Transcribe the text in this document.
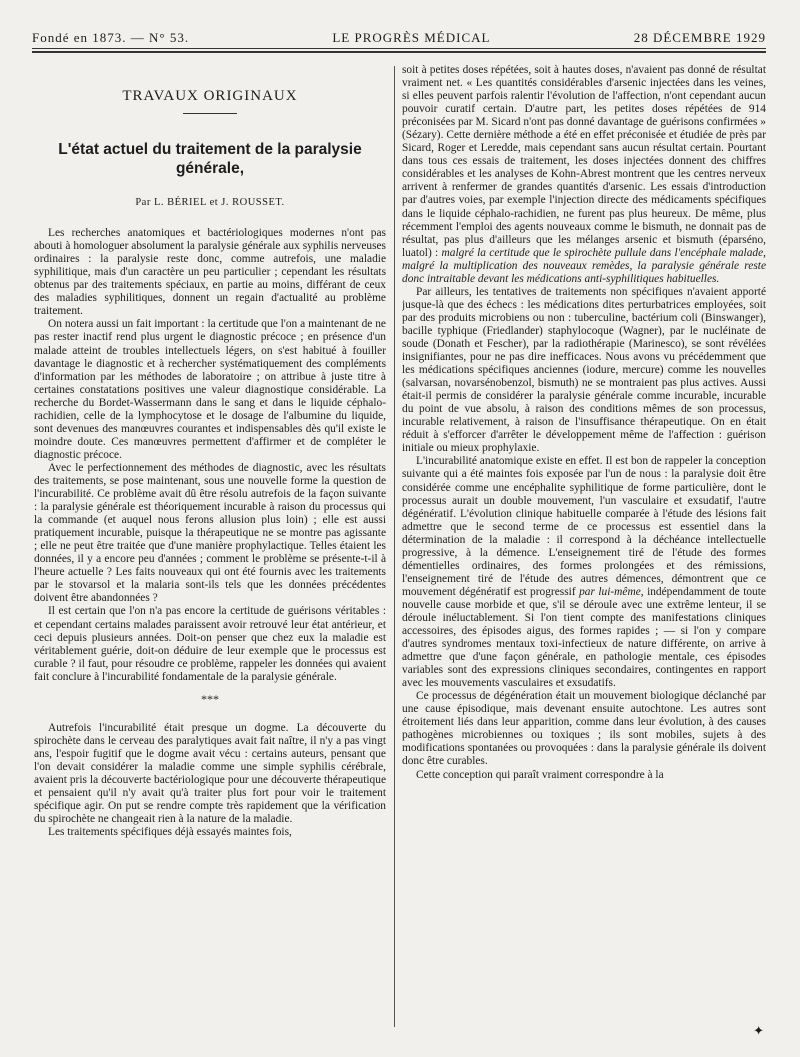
Fondé en 1873. — N° 53.	LE PROGRÈS MÉDICAL	28 DÉCEMBRE 1929
TRAVAUX ORIGINAUX
L'état actuel du traitement de la paralysie générale,
Par L. BÉRIEL et J. ROUSSET.

Les recherches anatomiques et bactériologiques modernes n'ont pas abouti à homologuer absolument la paralysie générale aux syphilis nerveuses ordinaires : la paralysie reste donc, comme autrefois, une maladie syphilitique, mais d'un caractère un peu particulier ; cependant les résultats obtenus par des traitements spéciaux, en partie au moins, différant de ceux des maladies syphilitiques, donnent un regain d'actualité au problème traitement.

On notera aussi un fait important : la certitude que l'on a maintenant de ne pas rester inactif rend plus urgent le diagnostic précoce ; en présence d'un malade atteint de troubles intellectuels légers, on s'est habitué à fouiller davantage le diagnostic et à rechercher systématiquement des compléments d'information par les méthodes de laboratoire ; on attribue à juste titre à certaines constatations positives une valeur diagnostique considérable. La recherche du Bordet-Wassermann dans le sang et dans le liquide céphalo-rachidien, celle de la lymphocytose et le dosage de l'albumine du liquide, sont devenues des manœuvres courantes et indispensables dès qu'il existe le moindre doute. Ces manœuvres permettent d'affirmer et de compléter le diagnostic précoce.

Avec le perfectionnement des méthodes de diagnostic, avec les résultats des traitements, se pose maintenant, sous une nouvelle forme la question de l'incurabilité. Ce problème avait dû être résolu autrefois de la façon suivante : la paralysie générale est théoriquement incurable à raison du processus qui la commande (et auquel nous ferons allusion plus loin) ; elle est aussi pratiquement incurable, puisque la thérapeutique ne se montre pas agissante ; elle ne peut être traitée que d'une manière prophylactique. Telles étaient les données, il y a encore peu d'années ; comment le problème se présente-t-il à l'heure actuelle ? Les faits nouveaux qui ont été fournis avec les traitements par le stovarsol et la malaria sont-ils tels que les données précédentes doivent être abandonnées ?

Il est certain que l'on n'a pas encore la certitude de guérisons véritables : et cependant certains malades paraissent avoir retrouvé leur état antérieur, et ceci depuis plusieurs années. Doit-on penser que chez eux la maladie est véritablement guérie, doit-on déduire de leur exemple que le processus est curable ? il faut, pour résoudre ce problème, rappeler les données qui avaient fait conclure à l'incurabilité fondamentale de la paralysie générale.

***

Autrefois l'incurabilité était presque un dogme. La découverte du spirochète dans le cerveau des paralytiques avait fait naître, il n'y a pas vingt ans, l'espoir fugitif que le dogme avait vécu : certains auteurs, pensant que l'on devait considérer la maladie comme une simple syphilis cérébrale, avaient pris la découverte bactériologique pour une découverte thérapeutique et pensaient qu'il n'y avait qu'à traiter plus fort pour voir le traitement spécifique agir. On put se rendre compte très rapidement que la vérification du spirochète ne changeait rien à la nature de la maladie.

Les traitements spécifiques déjà essayés maintes fois,

soit à petites doses répétées, soit à hautes doses, n'avaient pas donné de résultat vraiment net. « Les quantités considérables d'arsenic injectées dans les veines, si elles peuvent parfois ralentir l'évolution de l'affection, n'ont cependant aucun pouvoir curatif certain. D'autre part, les petites doses répétées de 914 préconisées par M. Sicard n'ont pas donné davantage de guérisons confirmées » (Sézary). Cette dernière méthode a été en effet préconisée et étudiée de près par Sicard, Roger et Leredde, mais cependant sans aucun résultat certain. Pourtant dans tous ces essais de traitement, les doses injectées donnent des chiffres considérables et les analyses de Kohn-Abrest montrent que les centres nerveux arrivent à renfermer de grandes quantités d'arsenic. Les essais d'introduction par d'autres voies, par exemple l'injection directe des médicaments spécifiques dans le liquide céphalo-rachidien, ne furent pas plus heureux. De même, plus récemment l'emploi des agents nouveaux comme le bismuth, ne donnait pas de résultat, pas plus d'ailleurs que les mélanges arsenic et bismuth (éparséno, luatol) : malgré la certitude que le spirochète pullule dans l'encéphale malade, malgré la multiplication des nouveaux remèdes, la paralysie générale reste donc intraitable devant les médications anti-syphilitiques habituelles.

Par ailleurs, les tentatives de traitements non spécifiques n'avaient apporté jusque-là que des échecs : les médications dites perturbatrices employées, soit par des produits microbiens ou non : tuberculine, bactérium coli (Binswanger), bacille typhique (Friedlander) staphylocoque (Wagner), par le nucléinate de soude (Donath et Fescher), par la radiothérapie (Marinesco), se sont révélées insignifiantes, pour ne pas dire inefficaces. Nous avons vu précédemment que les médications spécifiques anciennes (iodure, mercure) comme les nouvelles (salvarsan, novarsénobenzol, bismuth) ne se montraient pas plus actives. Aussi était-il permis de considérer la paralysie générale comme incurable, incurable du point de vue absolu, à raison des conditions mêmes de son processus, incurable relativement, à raison de l'insuffisance thérapeutique. On en était réduit à s'efforcer d'arrêter le développement même de l'affection : guérison initiale ou mieux prophylaxie.

L'incurabilité anatomique existe en effet. Il est bon de rappeler la conception suivante qui a été maintes fois exposée par l'un de nous : la paralysie doit être considérée comme une encéphalite syphilitique de forme particulière, dont le processus aurait un double mouvement, l'un vasculaire et exsudatif, l'autre dégénératif. L'évolution clinique habituelle comparée à l'étude des lésions fait admettre que le second terme de ce processus est essentiel dans la détermination de la maladie : il correspond à la déchéance intellectuelle progressive, à la démence. L'enseignement tiré de l'étude des formes démentielles ordinaires, des formes prolongées et des rémissions, l'enseignement tiré de l'étude des autres démences, démontrent que ce mouvement dégénératif est progressif par lui-même, indépendamment de toute nouvelle cause morbide et que, s'il se déroule avec une extrême lenteur, il se déroule inéluctablement. Si l'on tient compte des manifestations cliniques accessoires, des épisodes aigus, des formes rapides ; — si l'on y compare d'autres syndromes mentaux toxi-infectieux de nature différente, on arrive à admettre que d'une façon générale, en pathologie mentale, ces épisodes variables sont des expressions cliniques secondaires, contingentes en rapport avec les mouvements vasculaires et exsudatifs.

Ce processus de dégénération était un mouvement biologique déclanché par une cause épisodique, mais devenant ensuite autochtone. Les autres sont étroitement liés dans leur apparition, comme dans leur évolution, à des causes pathogènes microbiennes ou toxiques ; ils sont mobiles, sujets à des modifications spontanées ou provoquées : dans la paralysie générale ils doivent donc être curables.

Cette conception qui paraît vraiment correspondre à la

✦
